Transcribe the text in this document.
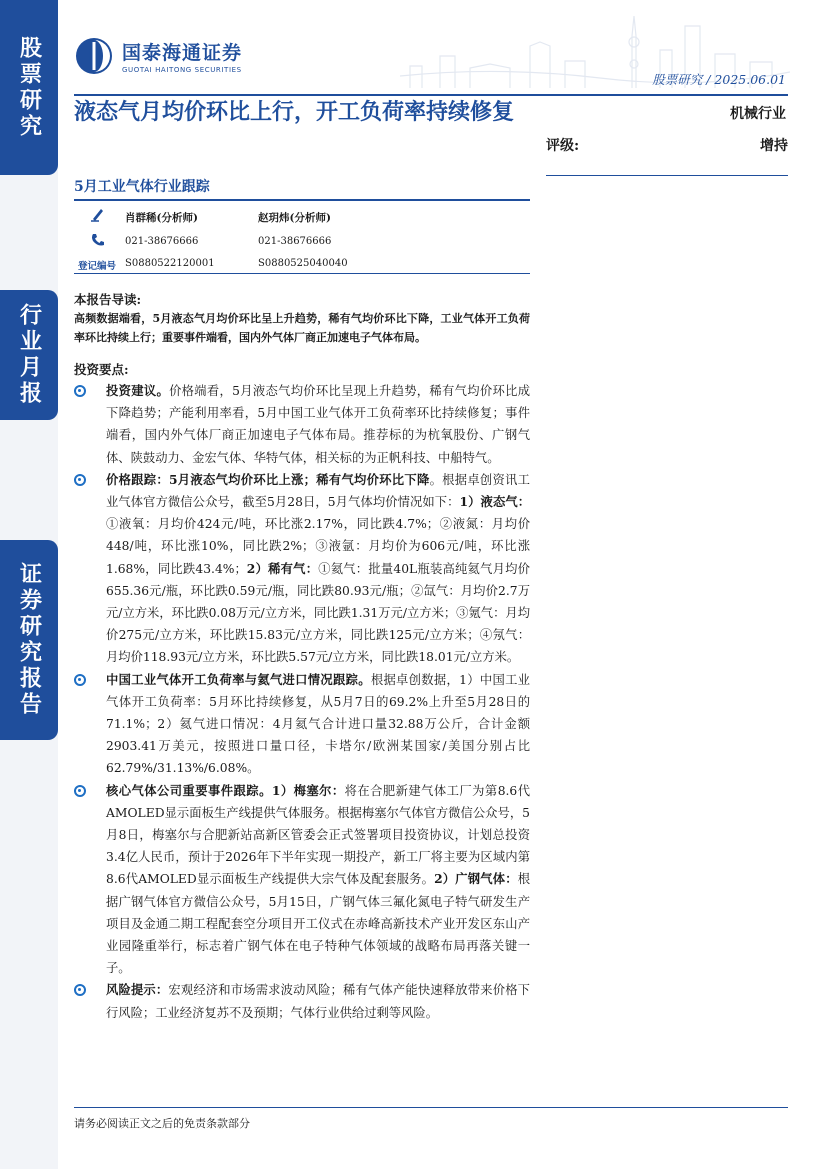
股票研究
行业月报
证券研究报告
国泰海通证券
GUOTAI HAITONG SECURITIES
股票研究 / 2025.06.01
液态气月均价环比上行，开工负荷率持续修复
5月工业气体行业跟踪
机械行业
评级:	增持
肖群稀(分析师)	赵玥炜(分析师)
021-38676666	021-38676666
登记编号 S0880522120001	S0880525040040
本报告导读:
高频数据端看，5月液态气月均价环比呈上升趋势，稀有气均价环比下降，工业气体开工负荷率环比持续上行；重要事件端看，国内外气体厂商正加速电子气体布局。
投资要点:
投资建议。价格端看，5月液态气均价环比呈现上升趋势，稀有气均价环比成下降趋势；产能利用率看，5月中国工业气体开工负荷率环比持续修复；事件端看，国内外气体厂商正加速电子气体布局。推荐标的为杭氧股份、广钢气体、陕鼓动力、金宏气体、华特气体，相关标的为正帆科技、中船特气。
价格跟踪：5月液态气均价环比上涨；稀有气均价环比下降。根据卓创资讯工业气体官方微信公众号，截至5月28日，5月气体均价情况如下：1）液态气：①液氧：月均价424元/吨，环比涨2.17%，同比跌4.7%；②液氮：月均价448/吨，环比涨10%，同比跌2%；③液氩：月均价为606元/吨，环比涨1.68%，同比跌43.4%；2）稀有气：①氦气：批量40L瓶装高纯氦气月均价655.36元/瓶，环比跌0.59元/瓶，同比跌80.93元/瓶；②氙气：月均价2.7万元/立方米，环比跌0.08万元/立方米，同比跌1.31万元/立方米；③氪气：月均价275元/立方米，环比跌15.83元/立方米，同比跌125元/立方米；④氖气：月均价118.93元/立方米，环比跌5.57元/立方米，同比跌18.01元/立方米。
中国工业气体开工负荷率与氦气进口情况跟踪。根据卓创数据，1）中国工业气体开工负荷率：5月环比持续修复，从5月7日的69.2%上升至5月28日的71.1%；2）氦气进口情况：4月氦气合计进口量32.88万公斤，合计金额2903.41万美元，按照进口量口径，卡塔尔/欧洲某国家/美国分别占比62.79%/31.13%/6.08%。
核心气体公司重要事件跟踪。1）梅塞尔：将在合肥新建气体工厂为第8.6代AMOLED显示面板生产线提供气体服务。根据梅塞尔气体官方微信公众号，5月8日，梅塞尔与合肥新站高新区管委会正式签署项目投资协议，计划总投资3.4亿人民币，预计于2026年下半年实现一期投产，新工厂将主要为区域内第8.6代AMOLED显示面板生产线提供大宗气体及配套服务。2）广钢气体：根据广钢气体官方微信公众号，5月15日，广钢气体三氟化氮电子特气研发生产项目及金通二期工程配套空分项目开工仪式在赤峰高新技术产业开发区东山产业园隆重举行，标志着广钢气体在电子特种气体领域的战略布局再落关键一子。
风险提示：宏观经济和市场需求波动风险；稀有气体产能快速释放带来价格下行风险；工业经济复苏不及预期；气体行业供给过剩等风险。
请务必阅读正文之后的免责条款部分
